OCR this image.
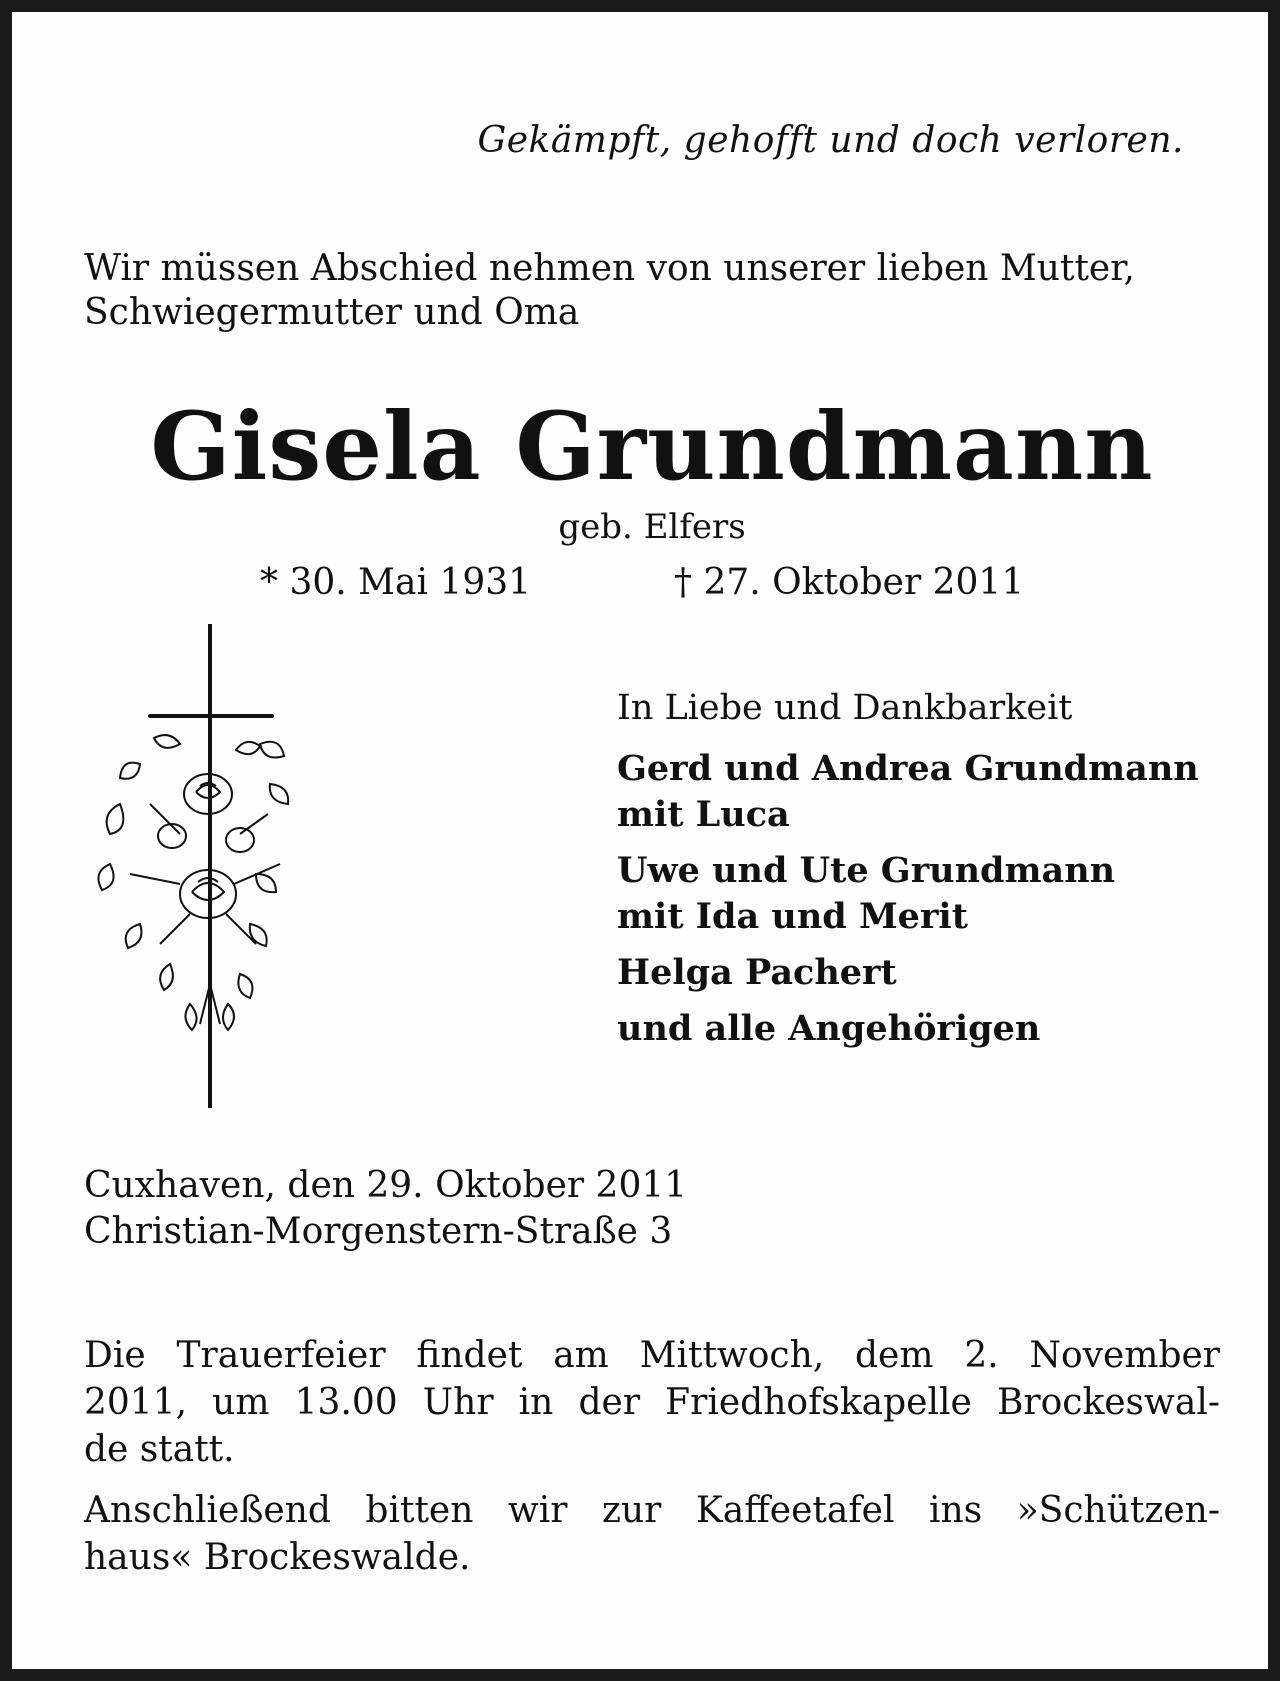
Gekämpft, gehofft und doch verloren.
Wir müssen Abschied nehmen von unserer lieben Mutter,
Schwiegermutter und Oma
Gisela Grundmann
geb. Elfers
* 30. Mai 1931	† 27. Oktober 2011
In Liebe und Dankbarkeit
Gerd und Andrea Grundmann
mit Luca
Uwe und Ute Grundmann
mit Ida und Merit
Helga Pachert
und alle Angehörigen
Cuxhaven, den 29. Oktober 2011
Christian-Morgenstern-Straße 3
Die Trauerfeier findet am Mittwoch, dem 2. November
2011, um 13.00 Uhr in der Friedhofskapelle Brockeswal-
de statt.
Anschließend bitten wir zur Kaffeetafel ins »Schützen-
haus« Brockeswalde.
